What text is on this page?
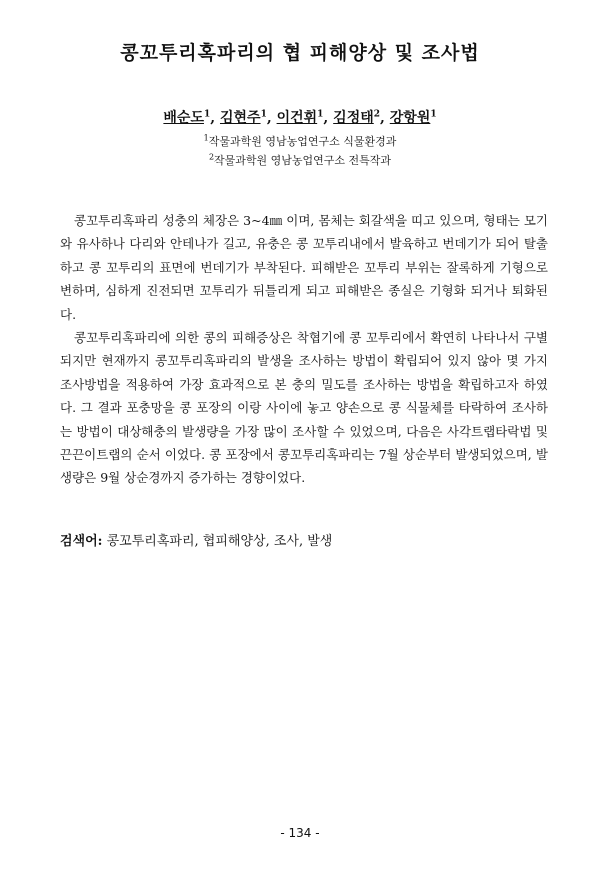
콩꼬투리혹파리의 협 피해양상 및 조사법

배순도$^1$, 김현주$^1$, 이건휘$^1$, 김정태$^2$, 강항원$^1$

$^1$작물과학원 영남농업연구소 식물환경과

$^2$작물과학원 영남농업연구소 전특작과

콩꼬투리혹파리 성충의 체장은 3~4㎜ 이며, 몸체는 회갈색을 띠고 있으며, 형태는 모기와 유사하나 다리와 안테나가 길고, 유충은 콩 꼬투리내에서 발육하고 번데기가 되어 탈출하고 콩 꼬투리의 표면에 번데기가 부착된다. 피해받은 꼬투리 부위는 잘록하게 기형으로 변하며, 심하게 진전되면 꼬투리가 뒤틀리게 되고 피해받은 종실은 기형화 되거나 퇴화된다.

콩꼬투리혹파리에 의한 콩의 피해증상은 착협기에 콩 꼬투리에서 확연히 나타나서 구별되지만 현재까지 콩꼬투리혹파리의 발생을 조사하는 방법이 확립되어 있지 않아 몇 가지 조사방법을 적용하여 가장 효과적으로 본 충의 밀도를 조사하는 방법을 확립하고자 하였다. 그 결과 포충망을 콩 포장의 이랑 사이에 놓고 양손으로 콩 식물체를 타락하여 조사하는 방법이 대상해충의 발생량을 가장 많이 조사할 수 있었으며, 다음은 사각트랩타락법 및 끈끈이트랩의 순서 이었다. 콩 포장에서 콩꼬투리혹파리는 7월 상순부터 발생되었으며, 발생량은 9월 상순경까지 증가하는 경향이었다.

검색어: 콩꼬투리혹파리, 협피해양상, 조사, 발생

- 134 -
